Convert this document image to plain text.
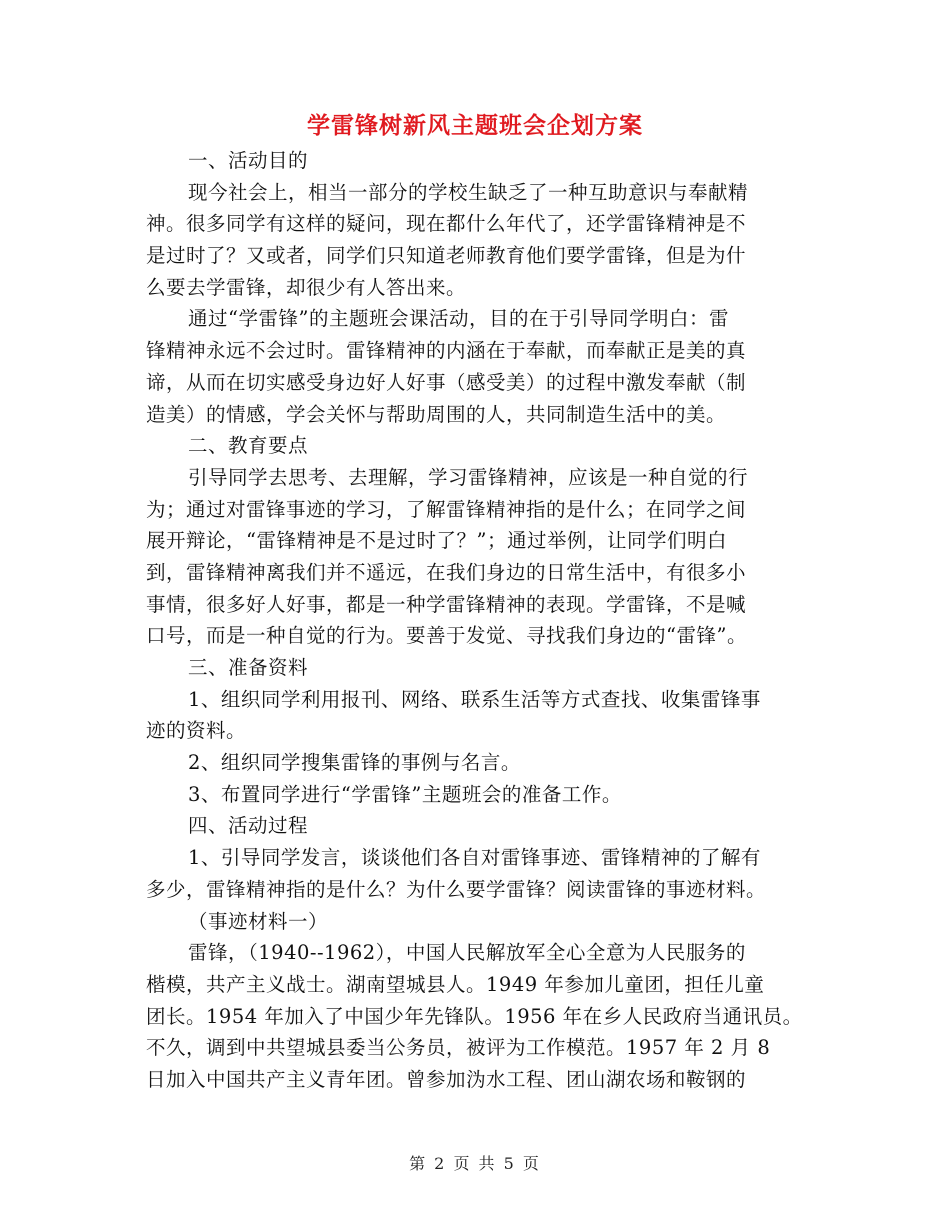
学雷锋树新风主题班会企划方案
一、活动目的
现今社会上，相当一部分的学校生缺乏了一种互助意识与奉献精
神。很多同学有这样的疑问，现在都什么年代了，还学雷锋精神是不
是过时了？又或者，同学们只知道老师教育他们要学雷锋，但是为什
么要去学雷锋，却很少有人答出来。
通过“学雷锋”的主题班会课活动，目的在于引导同学明白：雷
锋精神永远不会过时。雷锋精神的内涵在于奉献，而奉献正是美的真
谛，从而在切实感受身边好人好事（感受美）的过程中激发奉献（制
造美）的情感，学会关怀与帮助周围的人，共同制造生活中的美。
二、教育要点
引导同学去思考、去理解，学习雷锋精神，应该是一种自觉的行
为；通过对雷锋事迹的学习，了解雷锋精神指的是什么；在同学之间
展开辩论，“雷锋精神是不是过时了？”；通过举例，让同学们明白
到，雷锋精神离我们并不遥远，在我们身边的日常生活中，有很多小
事情，很多好人好事，都是一种学雷锋精神的表现。学雷锋，不是喊
口号，而是一种自觉的行为。要善于发觉、寻找我们身边的“雷锋”。
三、准备资料
1、组织同学利用报刊、网络、联系生活等方式查找、收集雷锋事
迹的资料。
2、组织同学搜集雷锋的事例与名言。
3、布置同学进行“学雷锋”主题班会的准备工作。
四、活动过程
1、引导同学发言，谈谈他们各自对雷锋事迹、雷锋精神的了解有
多少，雷锋精神指的是什么？为什么要学雷锋？阅读雷锋的事迹材料。
（事迹材料一）
雷锋，（1940--1962），中国人民解放军全心全意为人民服务的
楷模，共产主义战士。湖南望城县人。1949 年参加儿童团，担任儿童
团长。1954 年加入了中国少年先锋队。1956 年在乡人民政府当通讯员。
不久，调到中共望城县委当公务员，被评为工作模范。1957 年 2 月 8
日加入中国共产主义青年团。曾参加沩水工程、团山湖农场和鞍钢的
第 2 页 共 5 页
